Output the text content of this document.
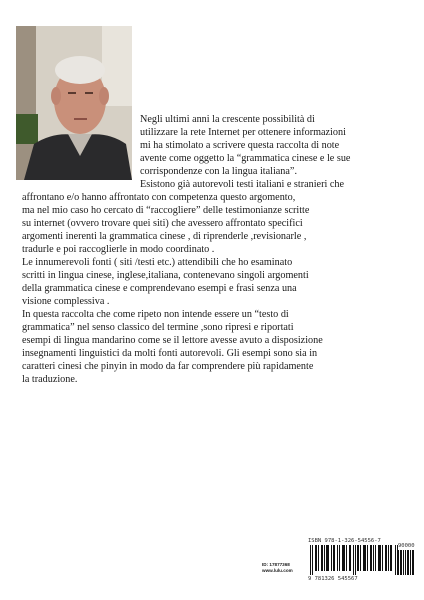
Negli ultimi anni la crescente possibilità di
utilizzare la rete Internet per ottenere informazioni
mi ha stimolato a scrivere questa raccolta di note
avente come oggetto la “grammatica cinese e le sue
corrispondenze con la lingua italiana”.
Esistono già autorevoli testi italiani e stranieri che
affrontano e/o hanno affrontato con competenza questo argomento,
ma nel mio caso ho cercato di “raccogliere” delle testimonianze scritte
su internet (ovvero trovare quei siti) che avessero affrontato specifici
argomenti inerenti la grammatica cinese , di riprenderle ,revisionarle ,
tradurle e poi raccoglierle in modo coordinato .
Le innumerevoli fonti ( siti /testi etc.) attendibili che ho esaminato
scritti in lingua cinese, inglese,italiana, contenevano singoli argomenti
della grammatica cinese e comprendevano esempi e frasi senza una
visione complessiva .
In questa raccolta che come ripeto non intende essere un “testo di
grammatica” nel senso classico del termine ,sono ripresi e riportati
esempi di lingua mandarino come se il lettore avesse avuto a disposizione
insegnamenti linguistici da molti fonti autorevoli. Gli esempi sono sia in
caratteri cinesi che pinyin in modo da far comprendere più rapidamente
la traduzione.
ID: 17877368
www.lulu.com
ISBN 978-1-326-54556-7
90000
9 781326 545567
